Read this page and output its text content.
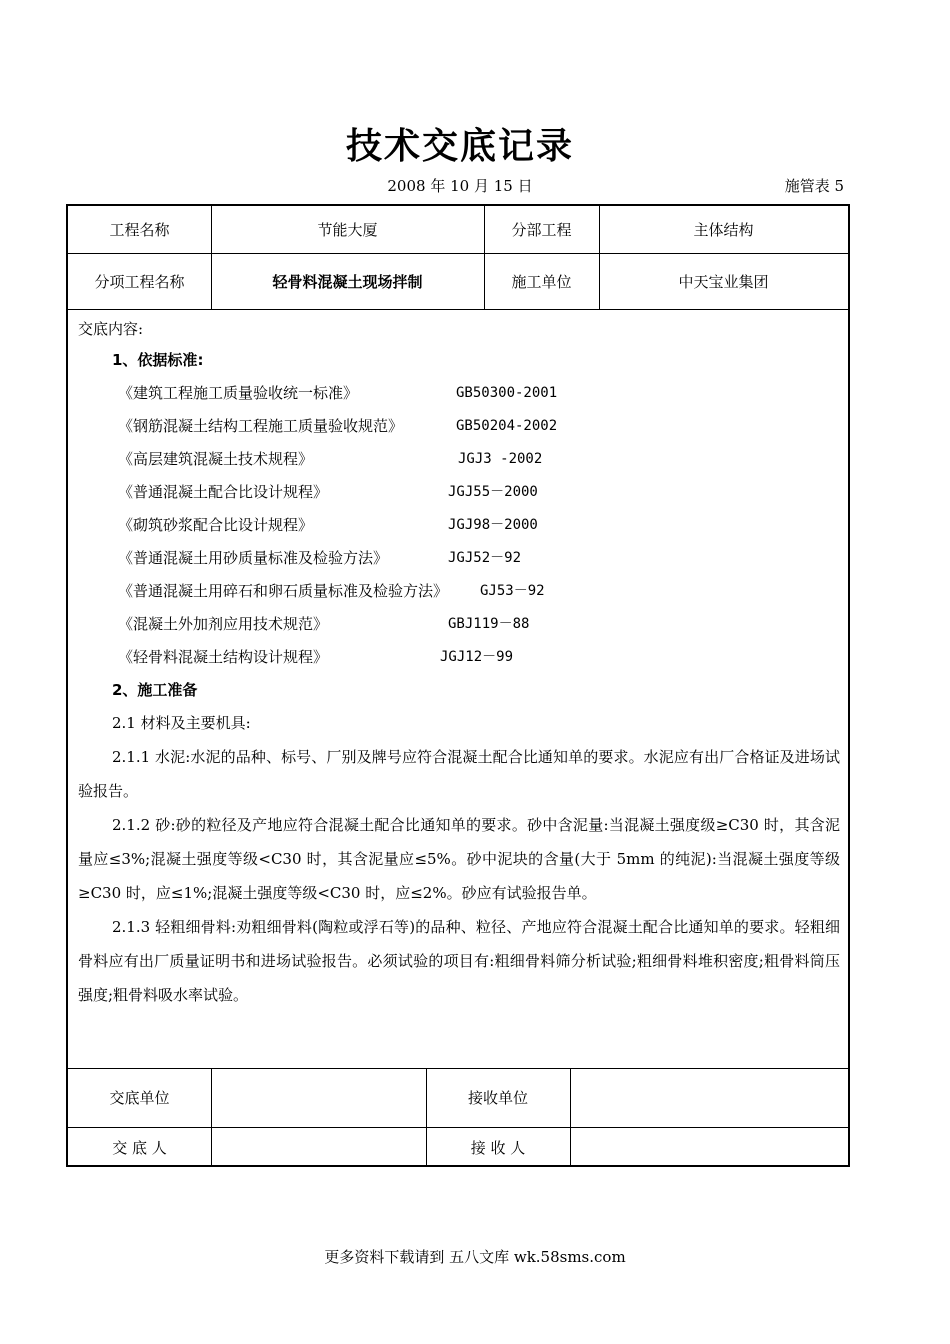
技术交底记录
2008 年 10 月 15 日	施管表 5
工程名称	节能大厦	分部工程	主体结构
分项工程名称	轻骨料混凝土现场拌制	施工单位	中天宝业集团
交底内容:
1、依据标准:
《建筑工程施工质量验收统一标准》	GB50300-2001
《钢筋混凝土结构工程施工质量验收规范》	GB50204-2002
《高层建筑混凝土技术规程》	JGJ3 -2002
《普通混凝土配合比设计规程》	JGJ55－2000
《砌筑砂浆配合比设计规程》	JGJ98－2000
《普通混凝土用砂质量标准及检验方法》	JGJ52－92
《普通混凝土用碎石和卵石质量标准及检验方法》 GJ53－92
《混凝土外加剂应用技术规范》	GBJ119－88
《轻骨料混凝土结构设计规程》	JGJ12－99
2、施工准备
2.1 材料及主要机具:
2.1.1 水泥:水泥的品种、标号、厂别及牌号应符合混凝土配合比通知单的要求。水泥应有出厂合格证及进场试验报告。
2.1.2 砂:砂的粒径及产地应符合混凝土配合比通知单的要求。砂中含泥量:当混凝土强度级≥C30 时，其含泥量应≤3%;混凝土强度等级<C30 时，其含泥量应≤5%。砂中泥块的含量(大于 5mm 的纯泥):当混凝土强度等级≥C30 时，应≤1%;混凝土强度等级<C30 时，应≤2%。砂应有试验报告单。
2.1.3 轻粗细骨料:劝粗细骨料(陶粒或浮石等)的品种、粒径、产地应符合混凝土配合比通知单的要求。轻粗细骨料应有出厂质量证明书和进场试验报告。必须试验的项目有:粗细骨料筛分析试验;粗细骨料堆积密度;粗骨料筒压强度;粗骨料吸水率试验。
交底单位	接收单位
交 底 人	接 收 人
更多资料下载请到 五八文库 wk.58sms.com
